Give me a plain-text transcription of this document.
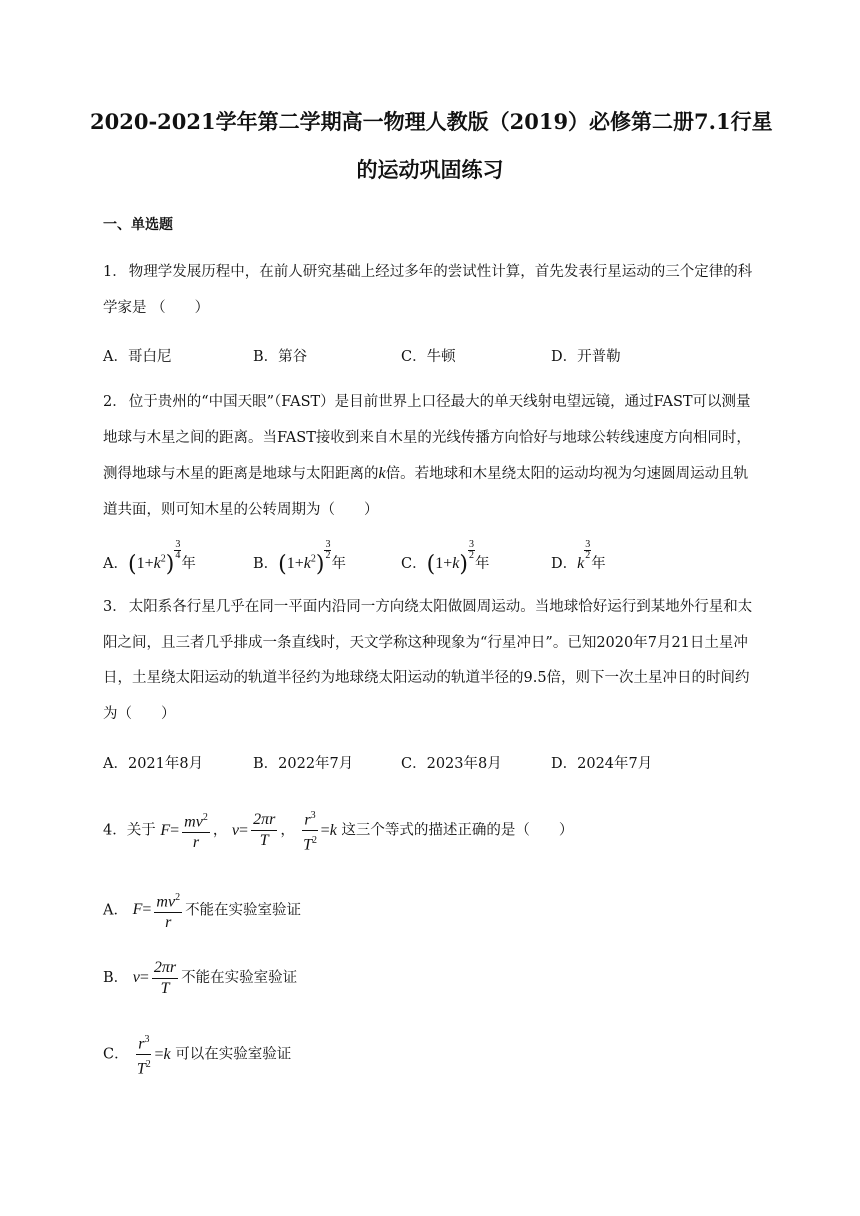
2020-2021学年第二学期高一物理人教版（2019）必修第二册7.1行星
的运动巩固练习
一、单选题
1． 物理学发展历程中，在前人研究基础上经过多年的尝试性计算，首先发表行星运动的三个定律的科学家是 （　　）
A．哥白尼	B．第谷	C．牛顿	D．开普勒
2． 位于贵州的“中国天眼”（FAST）是目前世界上口径最大的单天线射电望远镜，通过FAST可以测量地球与木星之间的距离。当FAST接收到来自木星的光线传播方向恰好与地球公转线速度方向相同时，测得地球与木星的距离是地球与太阳距离的k倍。若地球和木星绕太阳的运动均视为匀速圆周运动且轨道共面，则可知木星的公转周期为（　　）
A．$(1+k^2)$
$\frac{3}{4}$
年	B．$(1+k^2)$
$\frac{3}{2}$
年	C．(1+k)
$\frac{3}{2}$
年	D．k
$\frac{3}{2}$
年
3． 太阳系各行星几乎在同一平面内沿同一方向绕太阳做圆周运动。当地球恰好运行到某地外行星和太阳之间，且三者几乎排成一条直线时，天文学称这种现象为“行星冲日”。已知2020年7月21日土星冲日，土星绕太阳运动的轨道半径约为地球绕太阳运动的轨道半径的9.5倍，则下一次土星冲日的时间约为（　　）
A．2021年8月	B．2022年7月	C．2023年8月	D．2024年7月
4．关于 $F= \frac{mv^2}{r}$ ， $v= \frac{2\pi r}{T}$ ， $\frac{r^3}{T^2} =k$ 这三个等式的描述正确的是（　　）
A． $F= \frac{mv^2}{r}$ 不能在实验室验证
B． $v= \frac{2\pi r}{T}$ 不能在实验室验证
C． $\frac{r^3}{T^2} =k$ 可以在实验室验证
